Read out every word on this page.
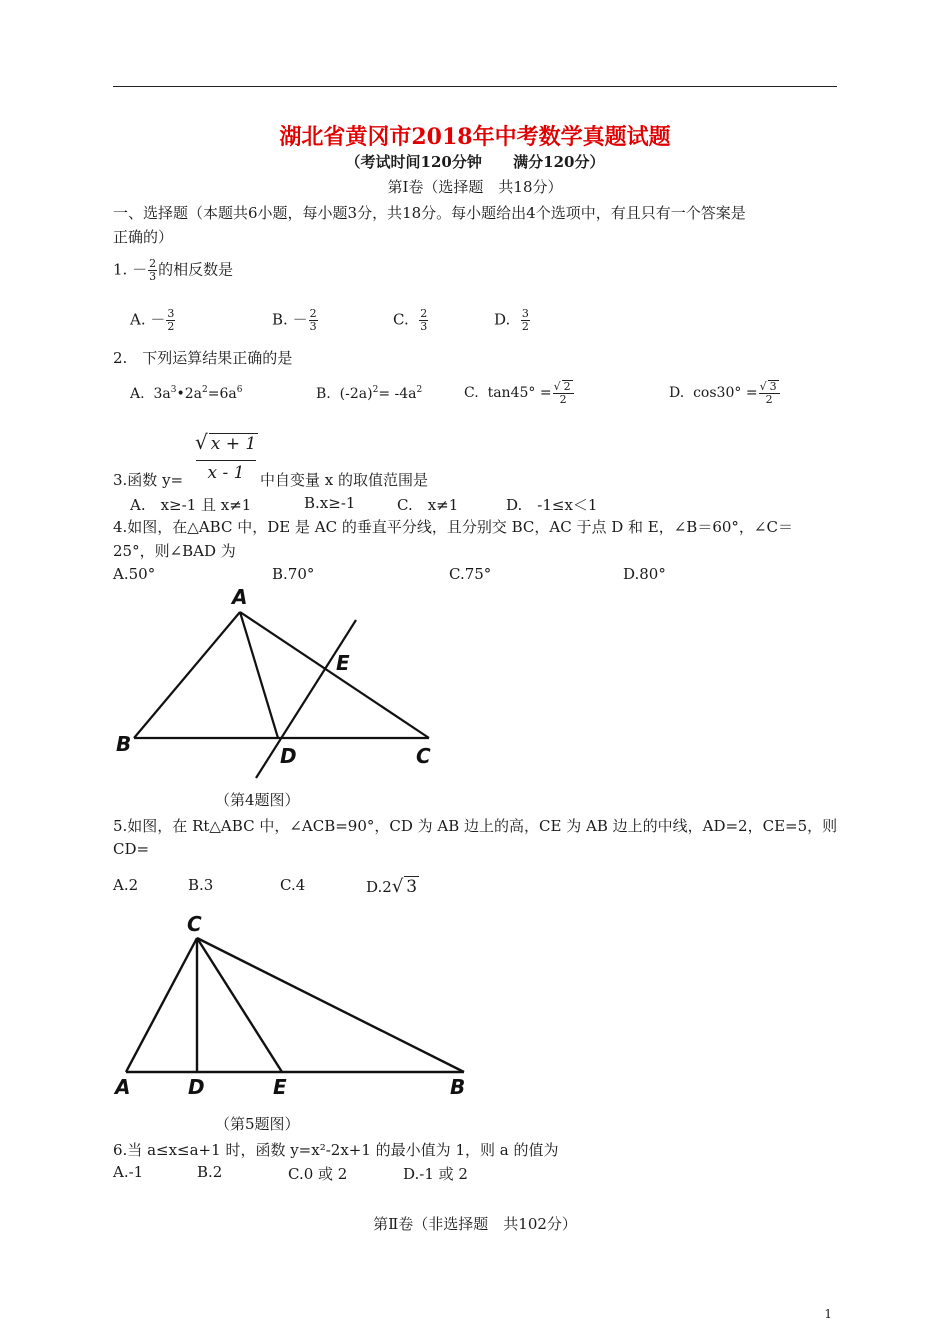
湖北省黄冈市2018年中考数学真题试题
（考试时间120分钟 满分120分）
第Ⅰ卷（选择题　共18分）
一、选择题（本题共6小题，每小题3分，共18分。每小题给出4个选项中，有且只有一个答案是
正确的）
1. － $\frac{2}{3}$ 的相反数是
A. － $\frac{3}{2}$	B. － $\frac{2}{3}$	C. $\frac{2}{3}$	D. $\frac{3}{2}$
2.　下列运算结果正确的是
A. $3a^3•2a^2=6a^6$	B. $(-2a)^2= -4a^2$	C. $\tan 45^\circ = \frac{√ 2}{2}$	D. $\cos 30^\circ = \frac{√ 3}{2}$
√ x + 1
x - 1
3.函数 y=	中自变量 x 的取值范围是
A.　x≥-1 且 x≠1	B.x≥-1	C.　x≠1	D.　-1≤x＜1
4.如图，在△ABC 中，DE 是 AC 的垂直平分线，且分别交 BC，AC 于点 D 和 E，∠B＝60°，∠C＝
25°，则∠BAD 为
A.50°	B.70°	C.75°	D.80°
A
B	C
D
E
（第4题图）
5.如图，在 Rt△ABC 中，∠ACB=90°，CD 为 AB 边上的高，CE 为 AB 边上的中线，AD=2，CE=5，则
CD=
A.2	B.3	C.4	D.2√ 3
C
A	D	E	B
（第5题图）
6.当 a≤x≤a+1 时，函数 y=x²-2x+1 的最小值为 1，则 a 的值为
A.-1	B.2	C.0 或 2	D.-1 或 2
第Ⅱ卷（非选择题　共102分）
1
